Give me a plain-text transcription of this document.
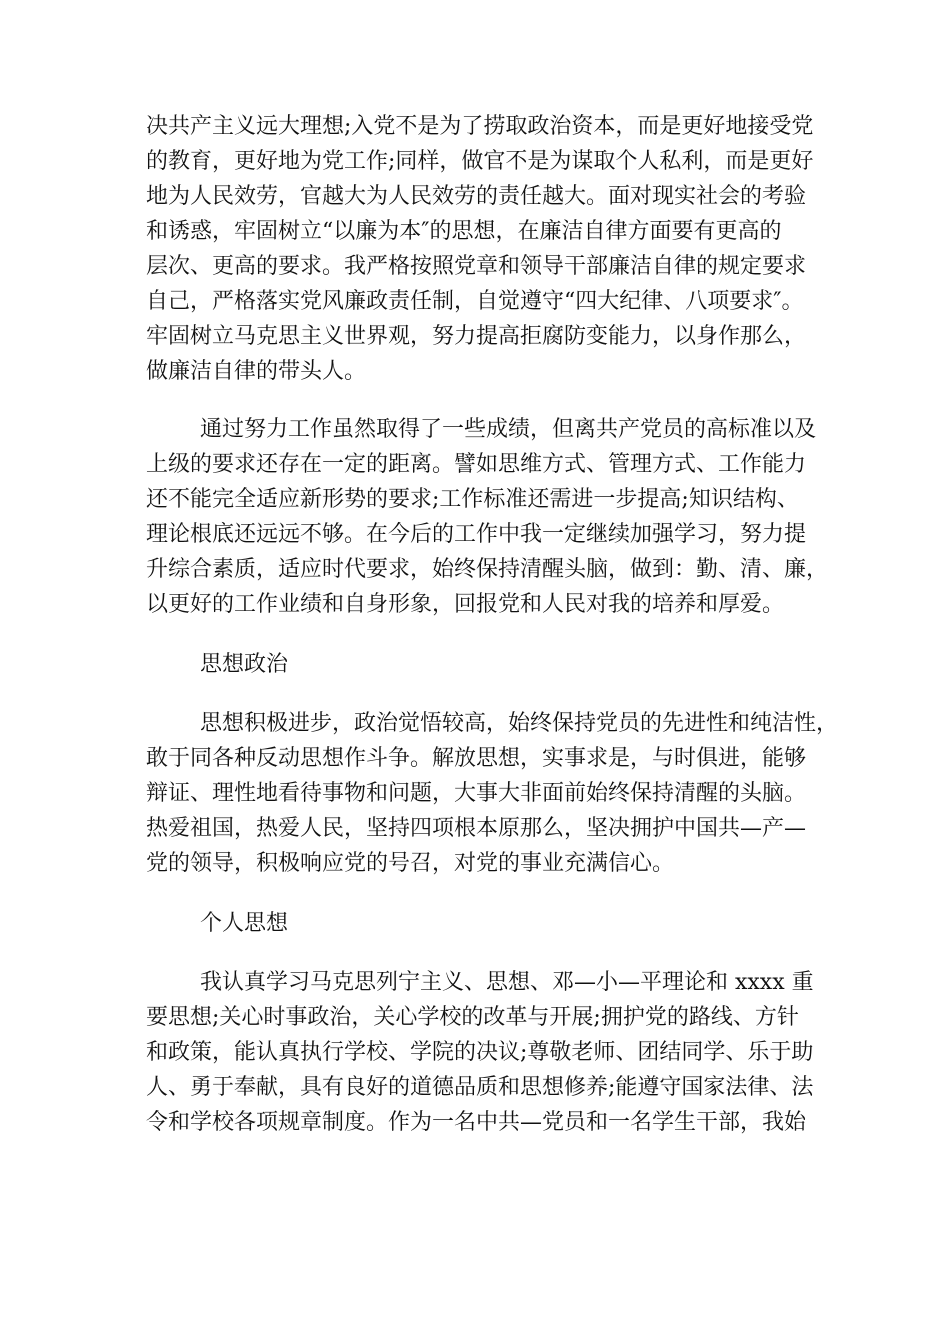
决共产主义远大理想;入党不是为了捞取政治资本，而是更好地接受党
的教育，更好地为党工作;同样，做官不是为谋取个人私利，而是更好
地为人民效劳，官越大为人民效劳的责任越大。面对现实社会的考验
和诱惑，牢固树立“以廉为本″的思想，在廉洁自律方面要有更高的
层次、更高的要求。我严格按照党章和领导干部廉洁自律的规定要求
自己，严格落实党风廉政责任制，自觉遵守“四大纪律、八项要求″。
牢固树立马克思主义世界观，努力提高拒腐防变能力，以身作那么，
做廉洁自律的带头人。
通过努力工作虽然取得了一些成绩，但离共产党员的高标准以及
上级的要求还存在一定的距离。譬如思维方式、管理方式、工作能力
还不能完全适应新形势的要求;工作标准还需进一步提高;知识结构、
理论根底还远远不够。在今后的工作中我一定继续加强学习，努力提
升综合素质，适应时代要求，始终保持清醒头脑，做到：勤、清、廉，
以更好的工作业绩和自身形象，回报党和人民对我的培养和厚爱。
思想政治
思想积极进步，政治觉悟较高，始终保持党员的先进性和纯洁性，
敢于同各种反动思想作斗争。解放思想，实事求是，与时俱进，能够
辩证、理性地看待事物和问题，大事大非面前始终保持清醒的头脑。
热爱祖国，热爱人民，坚持四项根本原那么，坚决拥护中国共—产—
党的领导，积极响应党的号召，对党的事业充满信心。
个人思想
我认真学习马克思列宁主义、思想、邓—小—平理论和 xxxx 重
要思想;关心时事政治，关心学校的改革与开展;拥护党的路线、方针
和政策，能认真执行学校、学院的决议;尊敬老师、团结同学、乐于助
人、勇于奉献，具有良好的道德品质和思想修养;能遵守国家法律、法
令和学校各项规章制度。作为一名中共—党员和一名学生干部，我始
